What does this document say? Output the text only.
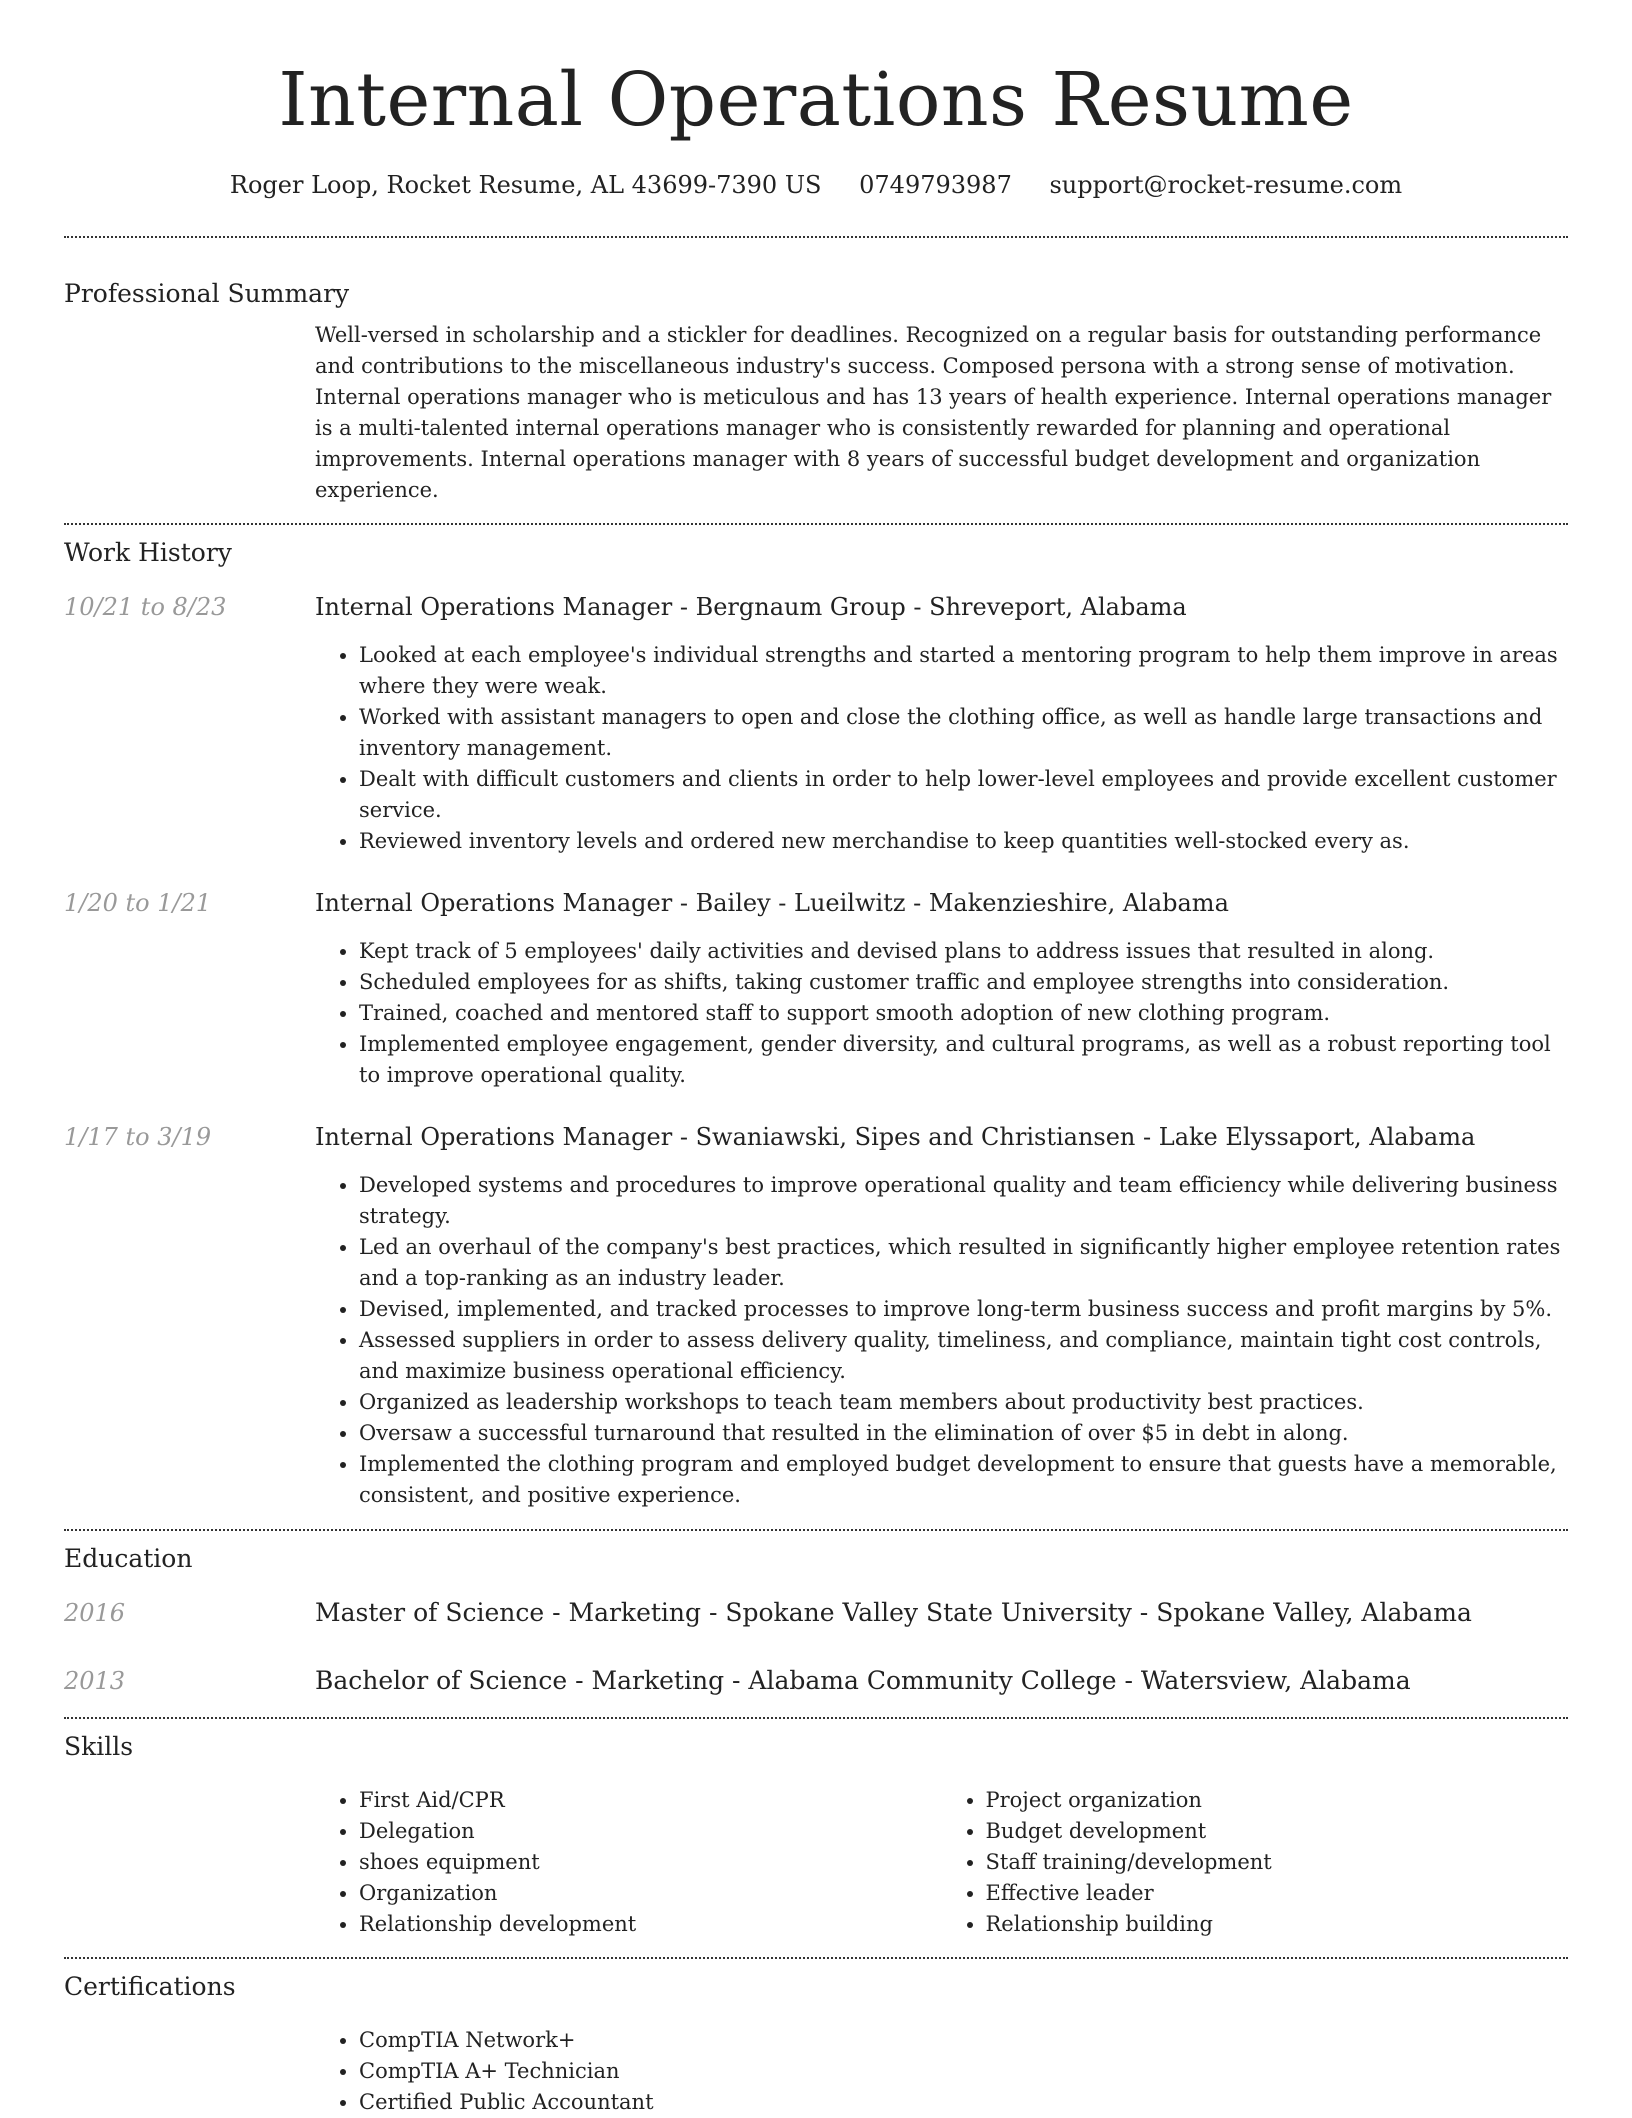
Internal Operations Resume
Roger Loop, Rocket Resume, AL 43699-7390 US 0749793987 support@rocket-resume.com
Professional Summary

Well-versed in scholarship and a stickler for deadlines. Recognized on a regular basis for outstanding performance and contributions to the miscellaneous industry's success. Composed persona with a strong sense of motivation. Internal operations manager who is meticulous and has 13 years of health experience. Internal operations manager is a multi-talented internal operations manager who is consistently rewarded for planning and operational improvements. Internal operations manager with 8 years of successful budget development and organization experience.

Work History
10/21 to 8/23	Internal Operations Manager - Bergnaum Group - Shreveport, Alabama
• Looked at each employee's individual strengths and started a mentoring program to help them improve in areas where they were weak.
• Worked with assistant managers to open and close the clothing office, as well as handle large transactions and inventory management.
• Dealt with difficult customers and clients in order to help lower-level employees and provide excellent customer service.
• Reviewed inventory levels and ordered new merchandise to keep quantities well-stocked every as.
1/20 to 1/21	Internal Operations Manager - Bailey - Lueilwitz - Makenzieshire, Alabama
• Kept track of 5 employees' daily activities and devised plans to address issues that resulted in along.
• Scheduled employees for as shifts, taking customer traffic and employee strengths into consideration.
• Trained, coached and mentored staff to support smooth adoption of new clothing program.
• Implemented employee engagement, gender diversity, and cultural programs, as well as a robust reporting tool to improve operational quality.
1/17 to 3/19	Internal Operations Manager - Swaniawski, Sipes and Christiansen - Lake Elyssaport, Alabama
• Developed systems and procedures to improve operational quality and team efficiency while delivering business strategy.
• Led an overhaul of the company's best practices, which resulted in significantly higher employee retention rates and a top-ranking as an industry leader.
• Devised, implemented, and tracked processes to improve long-term business success and profit margins by 5%.
• Assessed suppliers in order to assess delivery quality, timeliness, and compliance, maintain tight cost controls, and maximize business operational efficiency.
• Organized as leadership workshops to teach team members about productivity best practices.
• Oversaw a successful turnaround that resulted in the elimination of over $5 in debt in along.
• Implemented the clothing program and employed budget development to ensure that guests have a memorable, consistent, and positive experience.
Education
2016	Master of Science - Marketing - Spokane Valley State University - Spokane Valley, Alabama
2013	Bachelor of Science - Marketing - Alabama Community College - Watersview, Alabama
Skills
• First Aid/CPR
• Delegation
• shoes equipment
• Organization
• Relationship development
• Project organization
• Budget development
• Staff training/development
• Effective leader
• Relationship building
Certifications
• CompTIA Network+
• CompTIA A+ Technician
• Certified Public Accountant
